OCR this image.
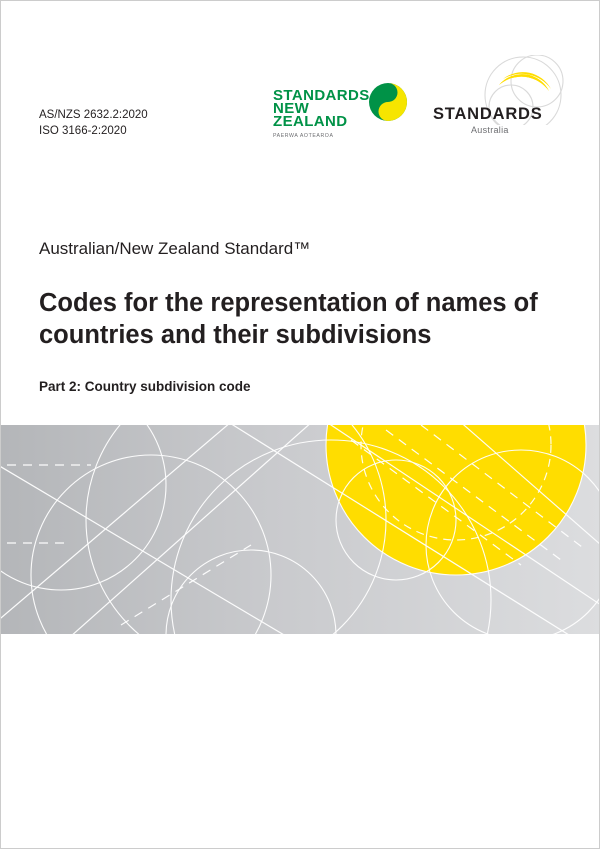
AS/NZS 2632.2:2020
ISO 3166-2:2020
STANDARDS
NEW ZEALAND
PAERWA AOTEAROA
STANDARDS
Australia

Australian/New Zealand Standard™

Codes for the representation of names of countries and their subdivisions

Part 2: Country subdivision code
